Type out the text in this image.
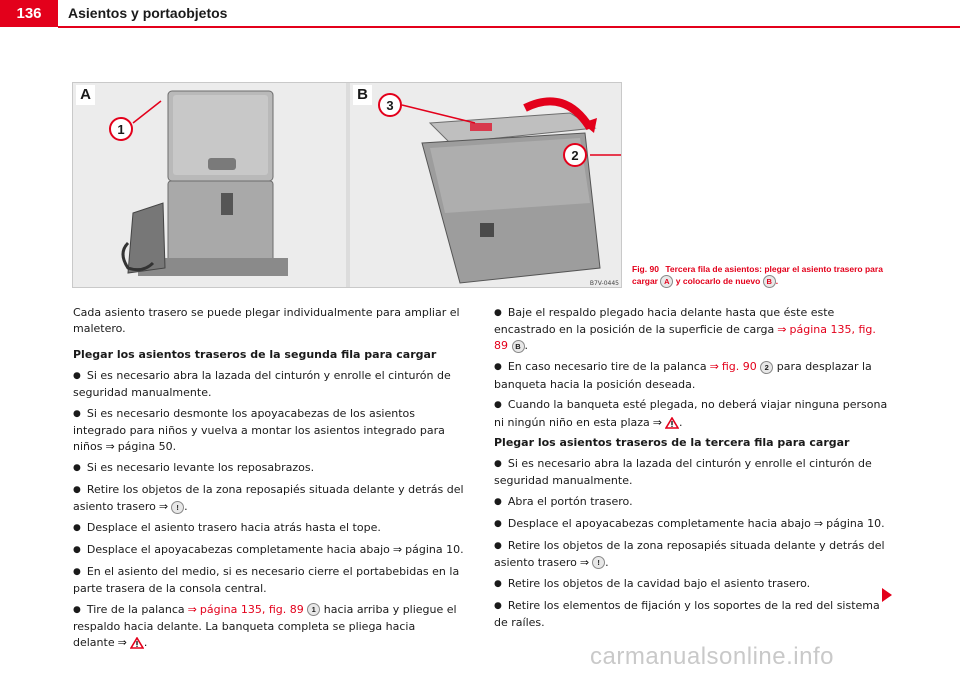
136	Asientos y portaobjetos
1
A
2
3
B
B7V-0445
Fig. 90 Tercera fila de asientos: plegar el asiento trasero para cargar A y colocarlo de nuevo B .

Cada asiento trasero se puede plegar individualmente para ampliar el maletero.

Plegar los asientos traseros de la segunda fila para cargar

● Si es necesario abra la lazada del cinturón y enrolle el cinturón de seguridad manualmente.

● Si es necesario desmonte los apoyacabezas de los asientos integrado para niños y vuelva a montar los asientos integrado para niños ⇒ página 50.

● Si es necesario levante los reposabrazos.

● Retire los objetos de la zona reposapiés situada delante y detrás del asiento trasero ⇒ ! .

● Desplace el asiento trasero hacia atrás hasta el tope.

● Desplace el apoyacabezas completamente hacia abajo ⇒ página 10.

● En el asiento del medio, si es necesario cierre el portabebidas en la parte trasera de la consola central.

● Tire de la palanca ⇒ página 135, fig. 89 1 hacia arriba y pliegue el respaldo hacia delante. La banqueta completa se pliega hacia delante ⇒ .

● Baje el respaldo plegado hacia delante hasta que éste este encastrado en la posición de la superficie de carga ⇒ página 135, fig. 89 B .

● En caso necesario tire de la palanca ⇒ fig. 90 2 para desplazar la banqueta hacia la posición deseada.

● Cuando la banqueta esté plegada, no deberá viajar ninguna persona ni ningún niño en esta plaza ⇒ .

Plegar los asientos traseros de la tercera fila para cargar

● Si es necesario abra la lazada del cinturón y enrolle el cinturón de seguridad manualmente.

● Abra el portón trasero.

● Desplace el apoyacabezas completamente hacia abajo ⇒ página 10.

● Retire los objetos de la zona reposapiés situada delante y detrás del asiento trasero ⇒ ! .

● Retire los objetos de la cavidad bajo el asiento trasero.

● Retire los elementos de fijación y los soportes de la red del sistema de raíles.

carmanualsonline.info
